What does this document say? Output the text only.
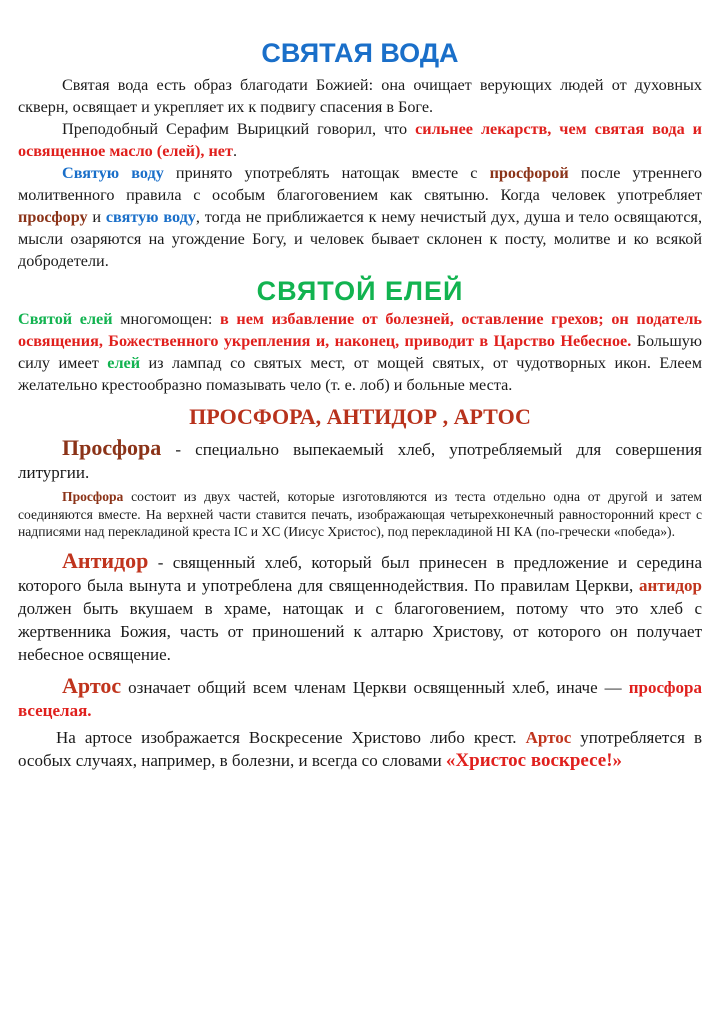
СВЯТАЯ ВОДА

Святая вода есть образ благодати Божией: она очищает верующих людей от духовных скверн, освящает и укрепляет их к подвигу спасения в Боге.

Преподобный Серафим Вырицкий говорил, что сильнее лекарств, чем святая вода и освященное масло (елей), нет.

Святую воду принято употреблять натощак вместе с просфорой после утреннего молитвенного правила с особым благоговением как святыню. Когда человек употребляет просфору и святую воду, тогда не приближается к нему нечистый дух, душа и тело освящаются, мысли озаряются на угождение Богу, и человек бывает склонен к посту, молитве и ко всякой добродетели.

СВЯТОЙ ЕЛЕЙ

Святой елей многомощен: в нем избавление от болезней, оставление грехов; он податель освящения, Божественного укрепления и, наконец, приводит в Царство Небесное. Большую силу имеет елей из лампад со святых мест, от мощей святых, от чудотворных икон. Елеем желательно крестообразно помазывать чело (т. е. лоб) и больные места.

ПРОСФОРА, АНТИДОР , АРТОС

Просфора - специально выпекаемый хлеб, употребляемый для совершения литургии.

Просфора состоит из двух частей, которые изготовляются из теста отдельно одна от другой и затем соединяются вместе. На верхней части ставится печать, изображающая четырехконечный равносторонний крест с надписями над перекладиной креста IC и XC (Иисус Христос), под перекладиной НІ КА (по-гречески «победа»).

Антидор - священный хлеб, который был принесен в предложение и середина которого была вынута и употреблена для священнодействия. По правилам Церкви, антидор должен быть вкушаем в храме, натощак и с благоговением, потому что это хлеб с жертвенника Божия, часть от приношений к алтарю Христову, от которого он получает небесное освящение.

Артос означает общий всем членам Церкви освященный хлеб, иначе — просфора всецелая.

На артосе изображается Воскресение Христово либо крест. Артос употребляется в особых случаях, например, в болезни, и всегда со словами «Христос воскресе!»
